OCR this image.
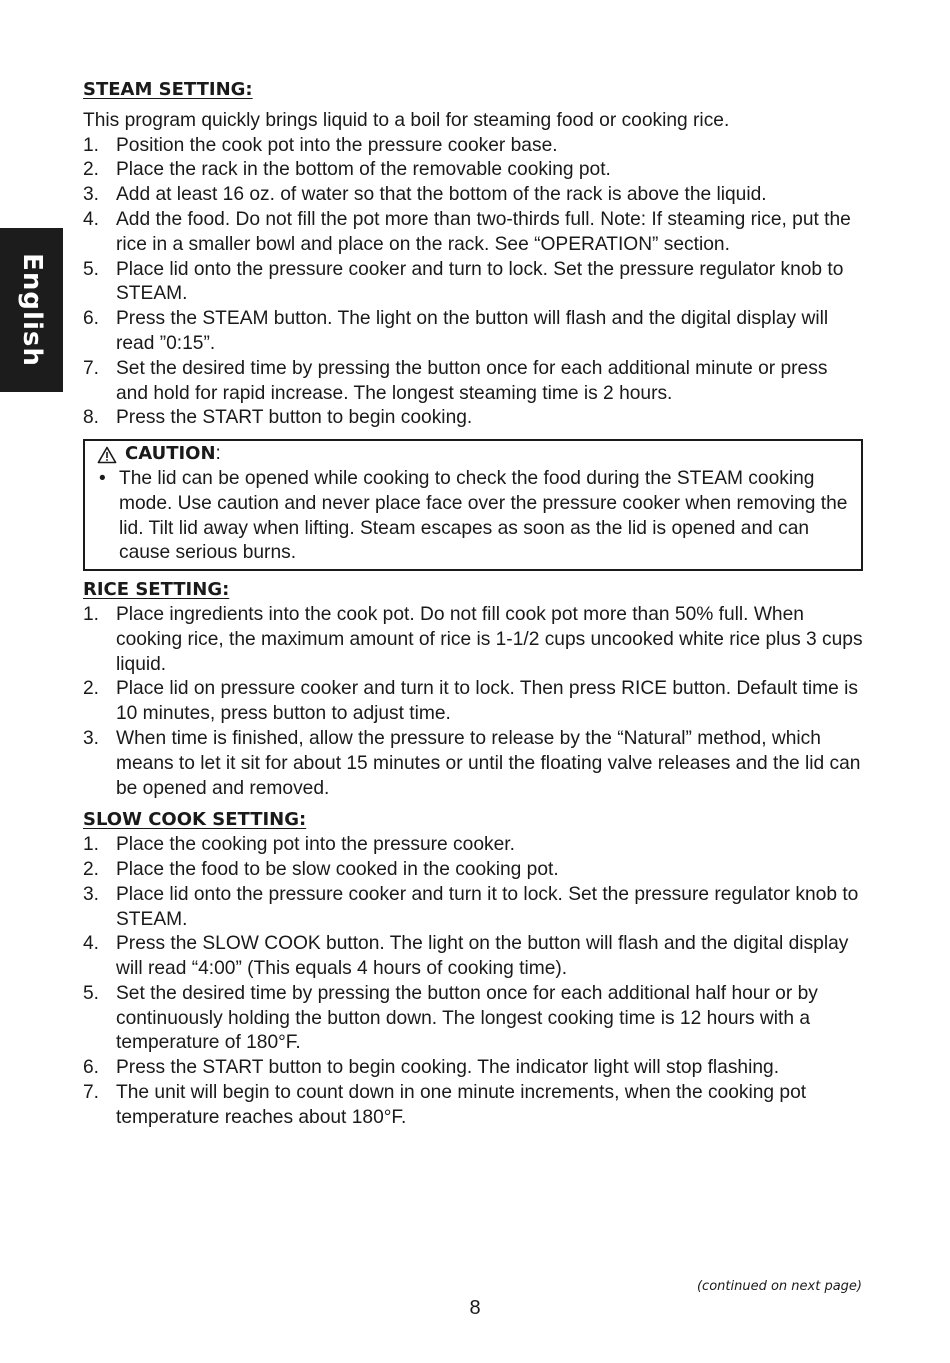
English
STEAM SETTING:
This program quickly brings liquid to a boil for steaming food or cooking rice.
1. Position the cook pot into the pressure cooker base.
2. Place the rack in the bottom of the removable cooking pot.
3. Add at least 16 oz. of water so that the bottom of the rack is above the liquid.
4. Add the food. Do not fill the pot more than two-thirds full. Note: If steaming rice, put the rice in a smaller bowl and place on the rack. See “OPERATION” section.
5. Place lid onto the pressure cooker and turn to lock. Set the pressure regulator knob to STEAM.
6. Press the STEAM button. The light on the button will flash and the digital display will read ”0:15”.
7. Set the desired time by pressing the button once for each additional minute or press and hold for rapid increase. The longest steaming time is 2 hours.
8. Press the START button to begin cooking.
CAUTION :
• The lid can be opened while cooking to check the food during the STEAM cooking mode. Use caution and never place face over the pressure cooker when removing the lid. Tilt lid away when lifting. Steam escapes as soon as the lid is opened and can cause serious burns.
RICE SETTING:
1. Place ingredients into the cook pot. Do not fill cook pot more than 50% full. When cooking rice, the maximum amount of rice is 1-1/2 cups uncooked white rice plus 3 cups liquid.
2. Place lid on pressure cooker and turn it to lock. Then press RICE button. Default time is 10 minutes, press button to adjust time.
3. When time is finished, allow the pressure to release by the “Natural” method, which means to let it sit for about 15 minutes or until the floating valve releases and the lid can be opened and removed.
SLOW COOK SETTING:
1. Place the cooking pot into the pressure cooker.
2. Place the food to be slow cooked in the cooking pot.
3. Place lid onto the pressure cooker and turn it to lock. Set the pressure regulator knob to STEAM.
4. Press the SLOW COOK button. The light on the button will flash and the digital display will read “4:00” (This equals 4 hours of cooking time).
5. Set the desired time by pressing the button once for each additional half hour or by continuously holding the button down. The longest cooking time is 12 hours with a temperature of 180°F.
6. Press the START button to begin cooking. The indicator light will stop flashing.
7. The unit will begin to count down in one minute increments, when the cooking pot temperature reaches about 180°F.
(continued on next page)
8
